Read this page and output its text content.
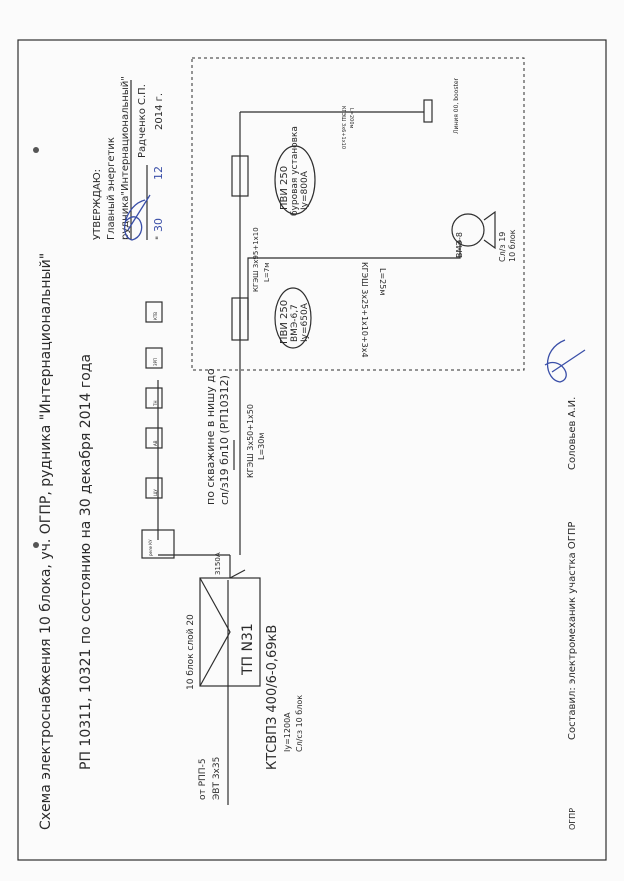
Схема электроснабжения 10 блока, уч. ОГПР, рудника "Интернациональный" РП 10311, 10321 по состоянию на 30 декабря 2014 года
УТВЕРЖДАЮ: Главный энергетик рудника"Интернациональный" Радченко С.П.
"
30
12
2014 г.
от РПП-5 ЭВТ 3х35
ТП N31
10 блок слой 20	КТСВПЗ 400/6-0,69кВ Iу=1200А Сл/сз 10 блок
3150А
реле КУ
ЩУ
АВ
ТН
ЗРП
КТВ
по скважине в нишу до сл/з19 бл10 (РП10312) КГЭШ 3х50+1х50 L=30м
КГЭШ 3х95+1х10 L=7м
ПВИ 250 ВМЭ-6,7 Iу=650А
ПВИ 250 буровая установка Iу=800А
L=25м
КГЭШ 3х25+1х10+3х4
ВМЭ-8	Сл/з 19 10 блок
L=200м
КГЭШ 3х6+1х10	Линия 00, booster
Составил: электромеханик участка ОГПР
Соловьев А.И.
ОГПР
